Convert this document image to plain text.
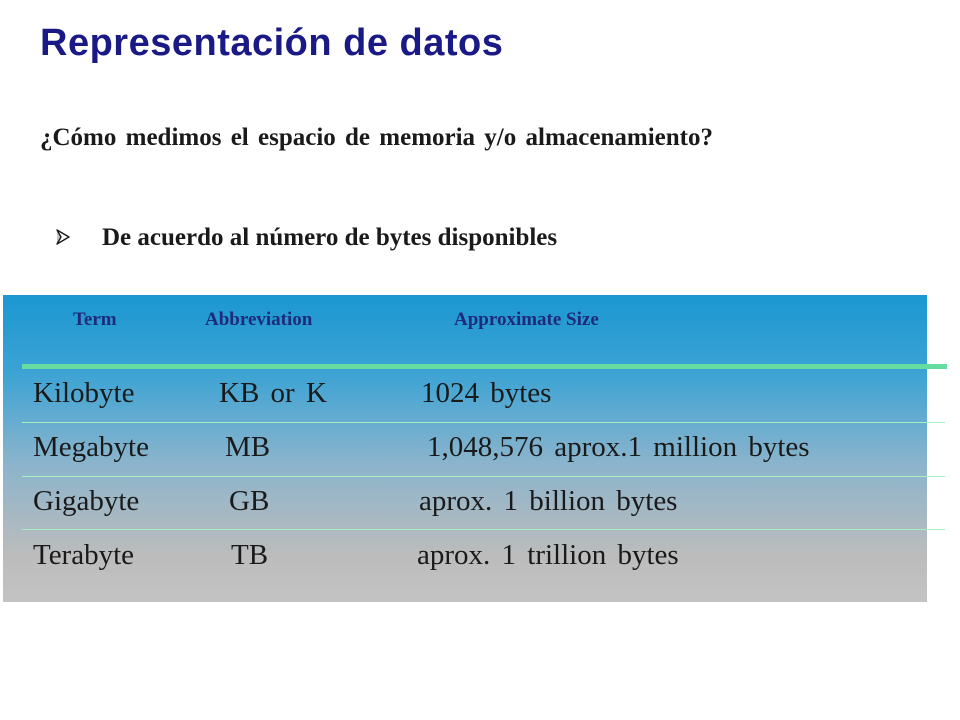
Representación de datos

¿Cómo medimos el espacio de memoria y/o almacenamiento?

De acuerdo al número de bytes disponibles
Term	Abbreviation	Approximate Size
Kilobyte	KB or K	1024 bytes
Megabyte	MB	1,048,576 aprox.1 million bytes
Gigabyte	GB	aprox. 1 billion bytes
Terabyte	TB	aprox. 1 trillion bytes
